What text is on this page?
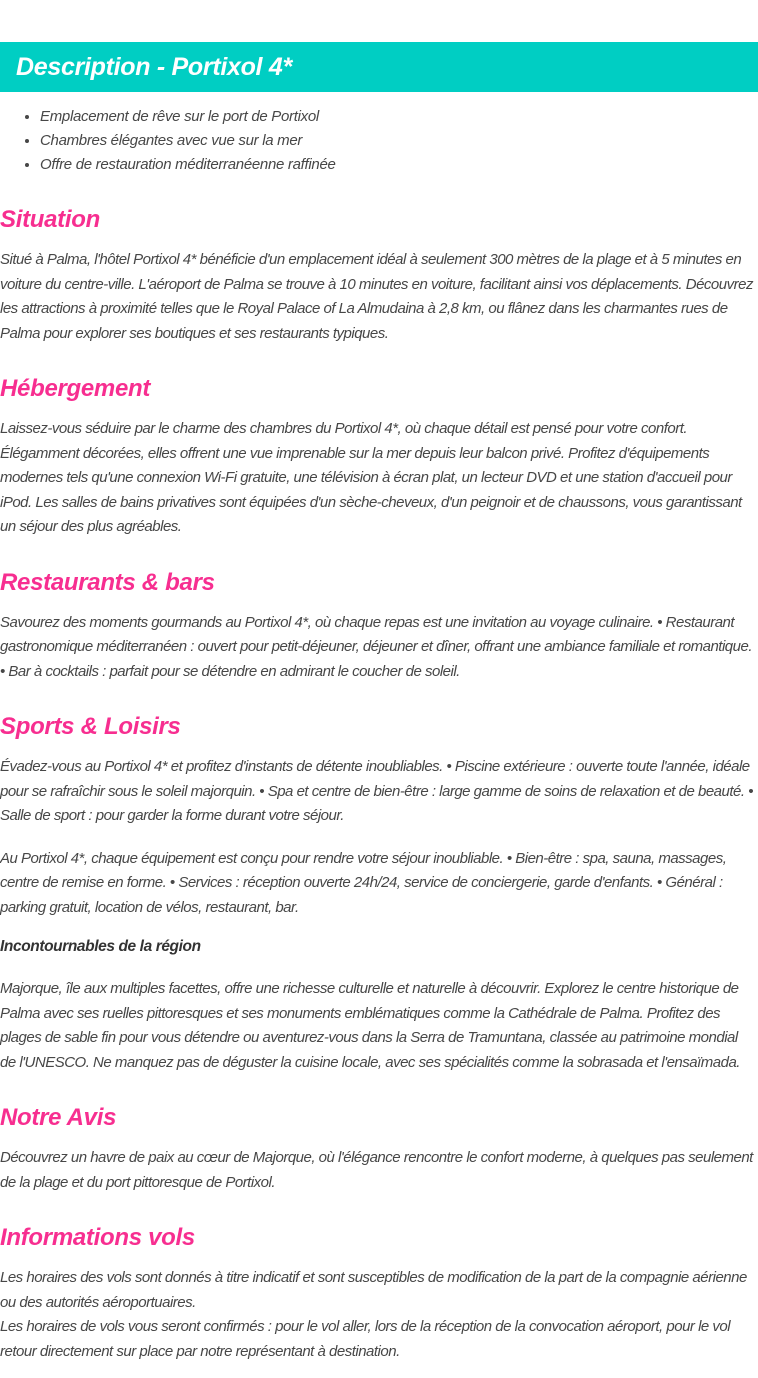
Description - Portixol 4*
• Emplacement de rêve sur le port de Portixol
• Chambres élégantes avec vue sur la mer
• Offre de restauration méditerranéenne raffinée
Situation

Situé à Palma, l'hôtel Portixol 4* bénéficie d'un emplacement idéal à seulement 300 mètres de la plage et à 5 minutes en voiture du centre-ville. L'aéroport de Palma se trouve à 10 minutes en voiture, facilitant ainsi vos déplacements. Découvrez les attractions à proximité telles que le Royal Palace of La Almudaina à 2,8 km, ou flânez dans les charmantes rues de Palma pour explorer ses boutiques et ses restaurants typiques.

Hébergement

Laissez-vous séduire par le charme des chambres du Portixol 4*, où chaque détail est pensé pour votre confort. Élégamment décorées, elles offrent une vue imprenable sur la mer depuis leur balcon privé. Profitez d'équipements modernes tels qu'une connexion Wi-Fi gratuite, une télévision à écran plat, un lecteur DVD et une station d'accueil pour iPod. Les salles de bains privatives sont équipées d'un sèche-cheveux, d'un peignoir et de chaussons, vous garantissant un séjour des plus agréables.

Restaurants & bars

Savourez des moments gourmands au Portixol 4*, où chaque repas est une invitation au voyage culinaire. • Restaurant gastronomique méditerranéen : ouvert pour petit-déjeuner, déjeuner et dîner, offrant une ambiance familiale et romantique. • Bar à cocktails : parfait pour se détendre en admirant le coucher de soleil.

Sports & Loisirs

Évadez-vous au Portixol 4* et profitez d'instants de détente inoubliables. • Piscine extérieure : ouverte toute l'année, idéale pour se rafraîchir sous le soleil majorquin. • Spa et centre de bien-être : large gamme de soins de relaxation et de beauté. • Salle de sport : pour garder la forme durant votre séjour.

Au Portixol 4*, chaque équipement est conçu pour rendre votre séjour inoubliable. • Bien-être : spa, sauna, massages, centre de remise en forme. • Services : réception ouverte 24h/24, service de conciergerie, garde d'enfants. • Général : parking gratuit, location de vélos, restaurant, bar.

Incontournables de la région

Majorque, île aux multiples facettes, offre une richesse culturelle et naturelle à découvrir. Explorez le centre historique de Palma avec ses ruelles pittoresques et ses monuments emblématiques comme la Cathédrale de Palma. Profitez des plages de sable fin pour vous détendre ou aventurez-vous dans la Serra de Tramuntana, classée au patrimoine mondial de l'UNESCO. Ne manquez pas de déguster la cuisine locale, avec ses spécialités comme la sobrasada et l'ensaïmada.

Notre Avis

Découvrez un havre de paix au cœur de Majorque, où l'élégance rencontre le confort moderne, à quelques pas seulement de la plage et du port pittoresque de Portixol.

Informations vols

Les horaires des vols sont donnés à titre indicatif et sont susceptibles de modification de la part de la compagnie aérienne ou des autorités aéroportuaires.

Les horaires de vols vous seront confirmés : pour le vol aller, lors de la réception de la convocation aéroport, pour le vol retour directement sur place par notre représentant à destination.
